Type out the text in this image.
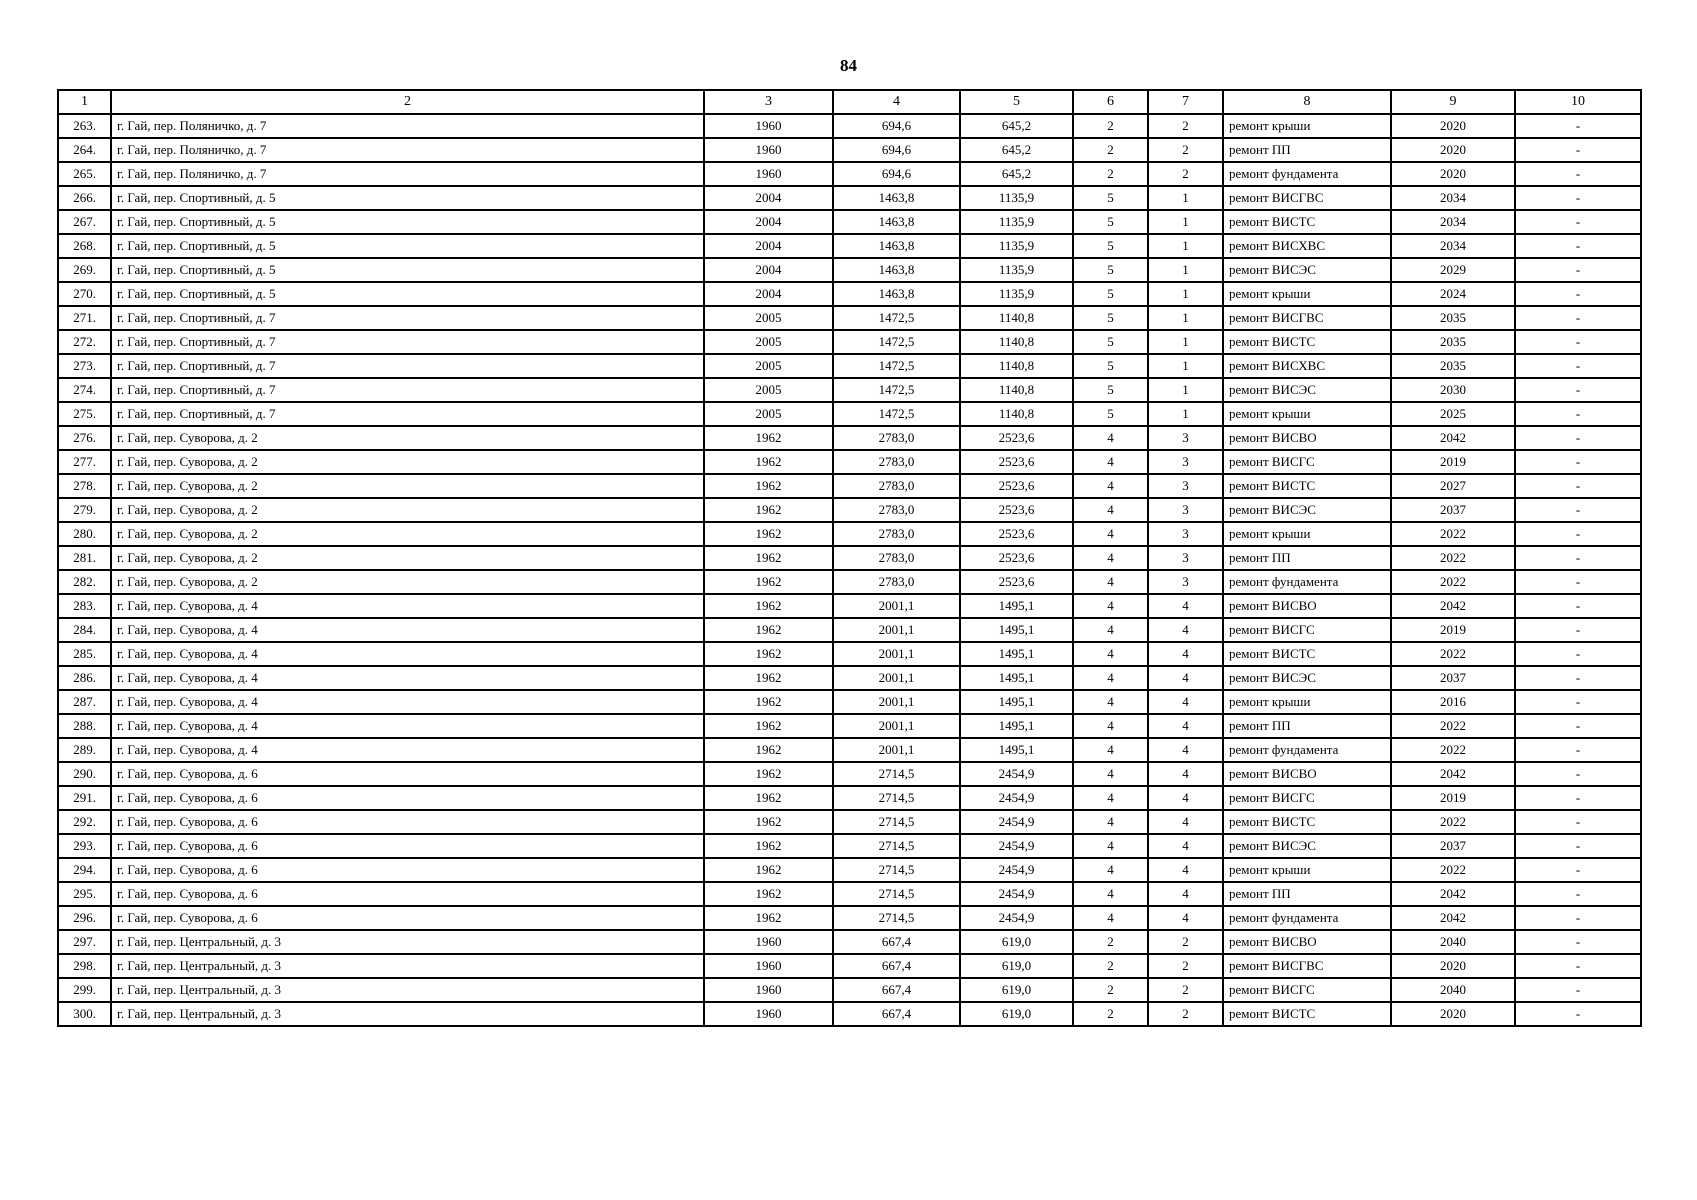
84
1	2	3	4	5	6	7	8	9	10
263.	г. Гай, пер. Поляничко, д. 7	1960	694,6	645,2	2	2	ремонт крыши	2020	-
264.	г. Гай, пер. Поляничко, д. 7	1960	694,6	645,2	2	2	ремонт ПП	2020	-
265.	г. Гай, пер. Поляничко, д. 7	1960	694,6	645,2	2	2	ремонт фундамента	2020	-
266.	г. Гай, пер. Спортивный, д. 5	2004	1463,8	1135,9	5	1	ремонт ВИСГВС	2034	-
267.	г. Гай, пер. Спортивный, д. 5	2004	1463,8	1135,9	5	1	ремонт ВИСТС	2034	-
268.	г. Гай, пер. Спортивный, д. 5	2004	1463,8	1135,9	5	1	ремонт ВИСХВС	2034	-
269.	г. Гай, пер. Спортивный, д. 5	2004	1463,8	1135,9	5	1	ремонт ВИСЭС	2029	-
270.	г. Гай, пер. Спортивный, д. 5	2004	1463,8	1135,9	5	1	ремонт крыши	2024	-
271.	г. Гай, пер. Спортивный, д. 7	2005	1472,5	1140,8	5	1	ремонт ВИСГВС	2035	-
272.	г. Гай, пер. Спортивный, д. 7	2005	1472,5	1140,8	5	1	ремонт ВИСТС	2035	-
273.	г. Гай, пер. Спортивный, д. 7	2005	1472,5	1140,8	5	1	ремонт ВИСХВС	2035	-
274.	г. Гай, пер. Спортивный, д. 7	2005	1472,5	1140,8	5	1	ремонт ВИСЭС	2030	-
275.	г. Гай, пер. Спортивный, д. 7	2005	1472,5	1140,8	5	1	ремонт крыши	2025	-
276.	г. Гай, пер. Суворова, д. 2	1962	2783,0	2523,6	4	3	ремонт ВИСВО	2042	-
277.	г. Гай, пер. Суворова, д. 2	1962	2783,0	2523,6	4	3	ремонт ВИСГС	2019	-
278.	г. Гай, пер. Суворова, д. 2	1962	2783,0	2523,6	4	3	ремонт ВИСТС	2027	-
279.	г. Гай, пер. Суворова, д. 2	1962	2783,0	2523,6	4	3	ремонт ВИСЭС	2037	-
280.	г. Гай, пер. Суворова, д. 2	1962	2783,0	2523,6	4	3	ремонт крыши	2022	-
281.	г. Гай, пер. Суворова, д. 2	1962	2783,0	2523,6	4	3	ремонт ПП	2022	-
282.	г. Гай, пер. Суворова, д. 2	1962	2783,0	2523,6	4	3	ремонт фундамента	2022	-
283.	г. Гай, пер. Суворова, д. 4	1962	2001,1	1495,1	4	4	ремонт ВИСВО	2042	-
284.	г. Гай, пер. Суворова, д. 4	1962	2001,1	1495,1	4	4	ремонт ВИСГС	2019	-
285.	г. Гай, пер. Суворова, д. 4	1962	2001,1	1495,1	4	4	ремонт ВИСТС	2022	-
286.	г. Гай, пер. Суворова, д. 4	1962	2001,1	1495,1	4	4	ремонт ВИСЭС	2037	-
287.	г. Гай, пер. Суворова, д. 4	1962	2001,1	1495,1	4	4	ремонт крыши	2016	-
288.	г. Гай, пер. Суворова, д. 4	1962	2001,1	1495,1	4	4	ремонт ПП	2022	-
289.	г. Гай, пер. Суворова, д. 4	1962	2001,1	1495,1	4	4	ремонт фундамента	2022	-
290.	г. Гай, пер. Суворова, д. 6	1962	2714,5	2454,9	4	4	ремонт ВИСВО	2042	-
291.	г. Гай, пер. Суворова, д. 6	1962	2714,5	2454,9	4	4	ремонт ВИСГС	2019	-
292.	г. Гай, пер. Суворова, д. 6	1962	2714,5	2454,9	4	4	ремонт ВИСТС	2022	-
293.	г. Гай, пер. Суворова, д. 6	1962	2714,5	2454,9	4	4	ремонт ВИСЭС	2037	-
294.	г. Гай, пер. Суворова, д. 6	1962	2714,5	2454,9	4	4	ремонт крыши	2022	-
295.	г. Гай, пер. Суворова, д. 6	1962	2714,5	2454,9	4	4	ремонт ПП	2042	-
296.	г. Гай, пер. Суворова, д. 6	1962	2714,5	2454,9	4	4	ремонт фундамента	2042	-
297.	г. Гай, пер. Центральный, д. 3	1960	667,4	619,0	2	2	ремонт ВИСВО	2040	-
298.	г. Гай, пер. Центральный, д. 3	1960	667,4	619,0	2	2	ремонт ВИСГВС	2020	-
299.	г. Гай, пер. Центральный, д. 3	1960	667,4	619,0	2	2	ремонт ВИСГС	2040	-
300.	г. Гай, пер. Центральный, д. 3	1960	667,4	619,0	2	2	ремонт ВИСТС	2020	-
